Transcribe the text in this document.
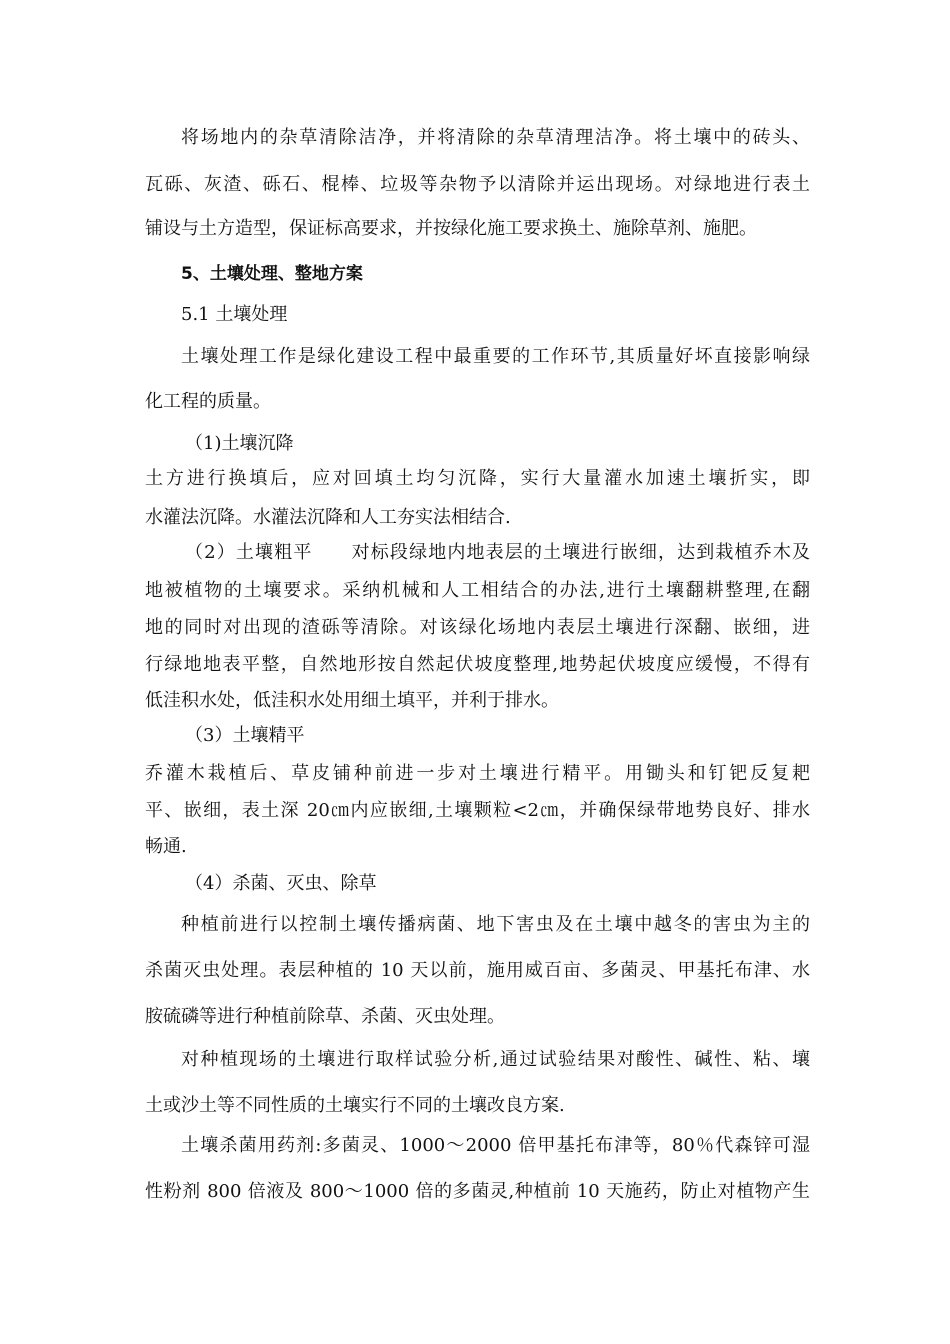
将场地内的杂草清除洁净，并将清除的杂草清理洁净。将土壤中的砖头、
瓦砾、灰渣、砾石、棍棒、垃圾等杂物予以清除并运出现场。对绿地进行表土
铺设与土方造型，保证标高要求，并按绿化施工要求换土、施除草剂、施肥。
5、土壤处理、整地方案
5.1 土壤处理
土壤处理工作是绿化建设工程中最重要的工作环节,其质量好坏直接影响绿
化工程的质量。
（1)土壤沉降
土方进行换填后，应对回填土均匀沉降，实行大量灌水加速土壤折实，即
水灌法沉降。水灌法沉降和人工夯实法相结合.
（2）土壤粗平 对标段绿地内地表层的土壤进行嵌细，达到栽植乔木及
地被植物的土壤要求。采纳机械和人工相结合的办法,进行土壤翻耕整理,在翻
地的同时对出现的渣砾等清除。对该绿化场地内表层土壤进行深翻、嵌细，进
行绿地地表平整，自然地形按自然起伏坡度整理,地势起伏坡度应缓慢，不得有
低洼积水处，低洼积水处用细土填平，并利于排水。
（3）土壤精平
乔灌木栽植后、草皮铺种前进一步对土壤进行精平。用锄头和钉钯反复耙
平、嵌细，表土深 20㎝内应嵌细,土壤颗粒<2㎝，并确保绿带地势良好、排水
畅通.
（4）杀菌、灭虫、除草
种植前进行以控制土壤传播病菌、地下害虫及在土壤中越冬的害虫为主的
杀菌灭虫处理。表层种植的 10 天以前，施用威百亩、多菌灵、甲基托布津、水
胺硫磷等进行种植前除草、杀菌、灭虫处理。
对种植现场的土壤进行取样试验分析,通过试验结果对酸性、碱性、粘、壤
土或沙土等不同性质的土壤实行不同的土壤改良方案.
土壤杀菌用药剂:多菌灵、1000～2000 倍甲基托布津等，80％代森锌可湿
性粉剂 800 倍液及 800～1000 倍的多菌灵,种植前 10 天施药，防止对植物产生
